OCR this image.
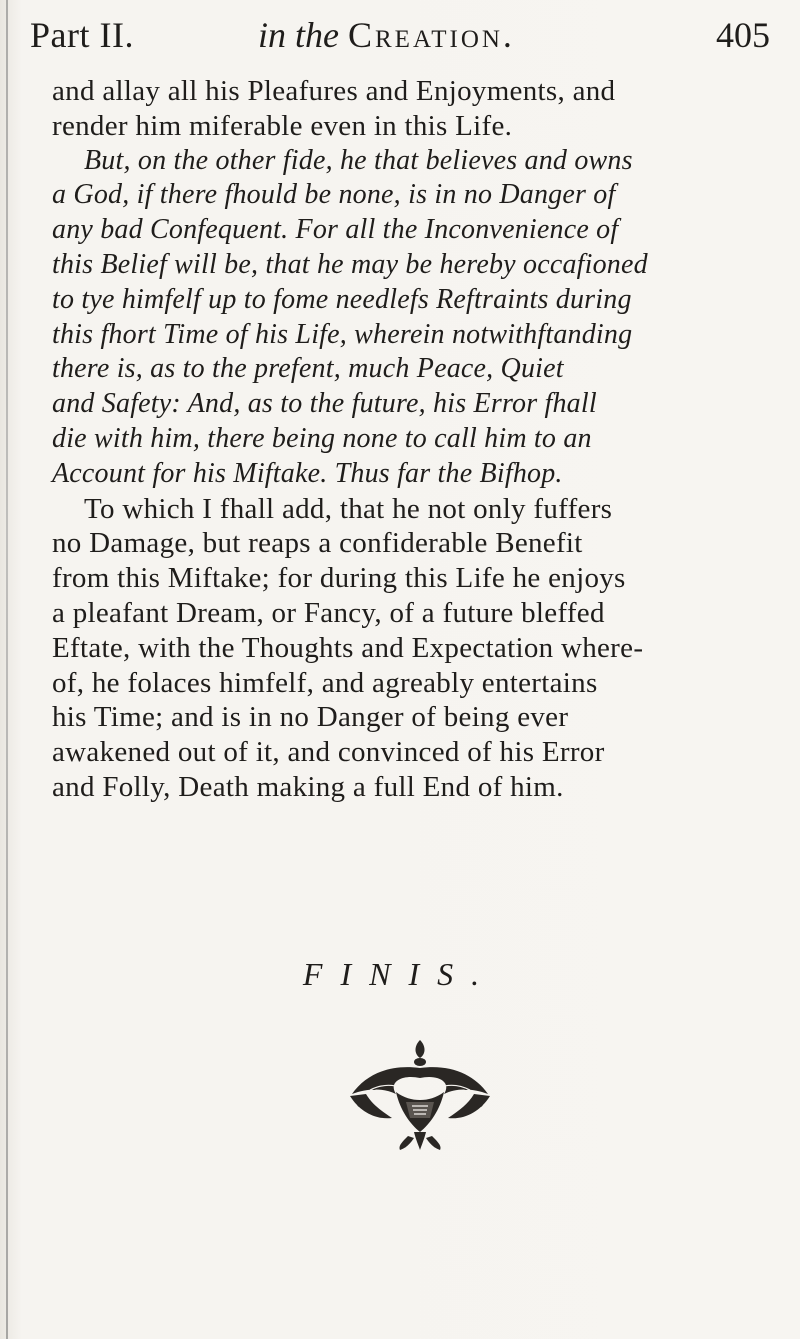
Part II.	in the Creation.	405
and allay all his Pleafures and Enjoyments, and
render him miferable even in this Life.
But, on the other fide, he that believes and owns
a God, if there fhould be none, is in no Danger of
any bad Confequent. For all the Inconvenience of
this Belief will be, that he may be hereby occafioned
to tye himfelf up to fome needlefs Reftraints during
this fhort Time of his Life, wherein notwithftanding
there is, as to the prefent, much Peace, Quiet
and Safety: And, as to the future, his Error fhall
die with him, there being none to call him to an
Account for his Miftake. Thus far the Bifhop.
To which I fhall add, that he not only fuffers
no Damage, but reaps a confiderable Benefit
from this Miftake; for during this Life he enjoys
a pleafant Dream, or Fancy, of a future bleffed
Eftate, with the Thoughts and Expectation where-
of, he folaces himfelf, and agreably entertains
his Time; and is in no Danger of being ever
awakened out of it, and convinced of his Error
and Folly, Death making a full End of him.
FINIS.
